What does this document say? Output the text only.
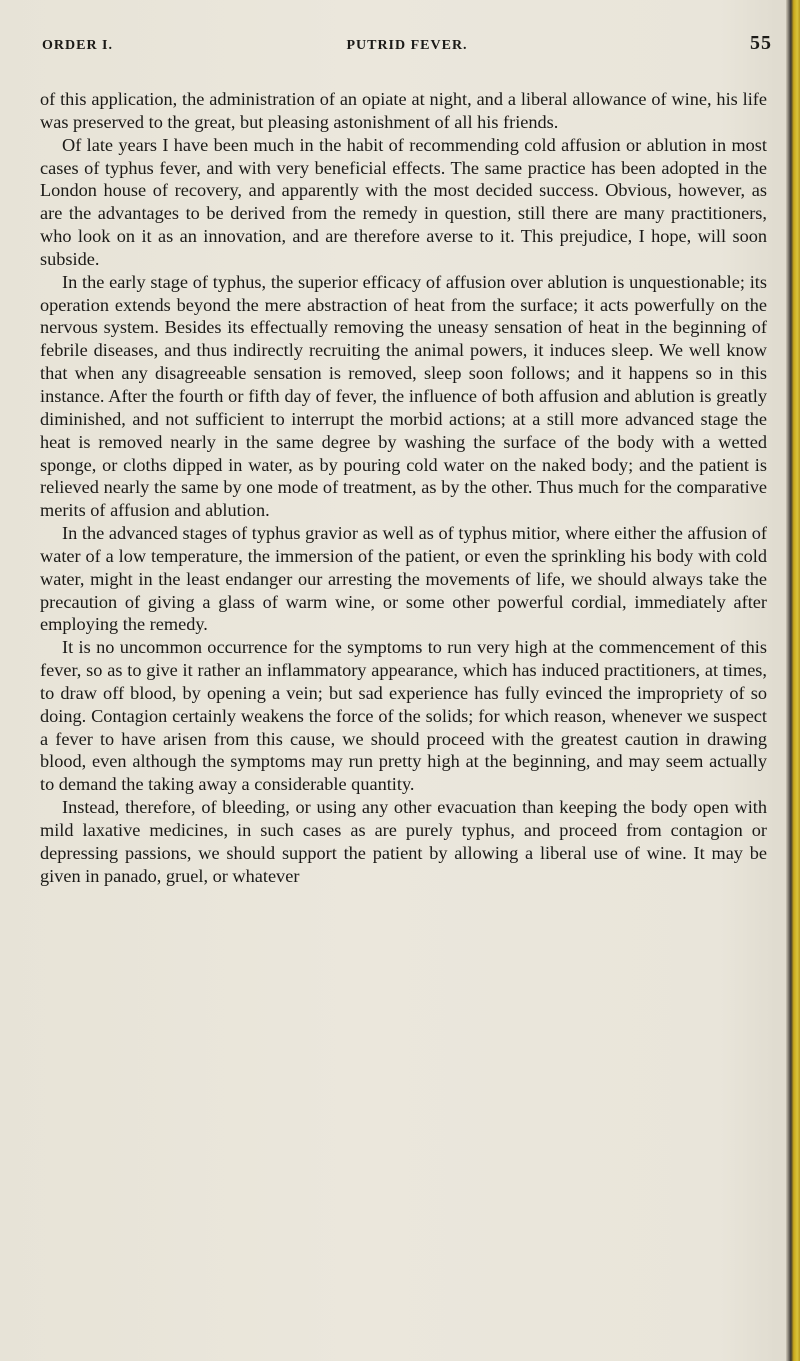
ORDER I.	PUTRID FEVER.	55

of this application, the administration of an opiate at night, and a liberal allowance of wine, his life was preserved to the great, but pleasing astonishment of all his friends.

Of late years I have been much in the habit of recommending cold affusion or ablution in most cases of typhus fever, and with very beneficial effects. The same practice has been adopted in the London house of recovery, and apparently with the most decided success. Obvious, however, as are the advantages to be derived from the remedy in question, still there are many practitioners, who look on it as an innovation, and are therefore averse to it. This prejudice, I hope, will soon subside.

In the early stage of typhus, the superior efficacy of affusion over ablution is unquestionable; its operation extends beyond the mere abstraction of heat from the surface; it acts powerfully on the nervous system. Besides its effectually removing the uneasy sensation of heat in the beginning of febrile diseases, and thus indirectly recruiting the animal powers, it induces sleep. We well know that when any disagreeable sensation is removed, sleep soon follows; and it happens so in this instance. After the fourth or fifth day of fever, the influence of both affusion and ablution is greatly diminished, and not sufficient to interrupt the morbid actions; at a still more advanced stage the heat is removed nearly in the same degree by washing the surface of the body with a wetted sponge, or cloths dipped in water, as by pouring cold water on the naked body; and the patient is relieved nearly the same by one mode of treatment, as by the other. Thus much for the comparative merits of affusion and ablution.

In the advanced stages of typhus gravior as well as of typhus mitior, where either the affusion of water of a low temperature, the immersion of the patient, or even the sprinkling his body with cold water, might in the least endanger our arresting the movements of life, we should always take the precaution of giving a glass of warm wine, or some other powerful cordial, immediately after employing the remedy.

It is no uncommon occurrence for the symptoms to run very high at the commencement of this fever, so as to give it rather an inflammatory appearance, which has induced practitioners, at times, to draw off blood, by opening a vein; but sad experience has fully evinced the impropriety of so doing. Contagion certainly weakens the force of the solids; for which reason, whenever we suspect a fever to have arisen from this cause, we should proceed with the greatest caution in drawing blood, even although the symptoms may run pretty high at the beginning, and may seem actually to demand the taking away a considerable quantity.

Instead, therefore, of bleeding, or using any other evacuation than keeping the body open with mild laxative medicines, in such cases as are purely typhus, and proceed from contagion or depressing passions, we should support the patient by allowing a liberal use of wine. It may be given in panado, gruel, or whatever
